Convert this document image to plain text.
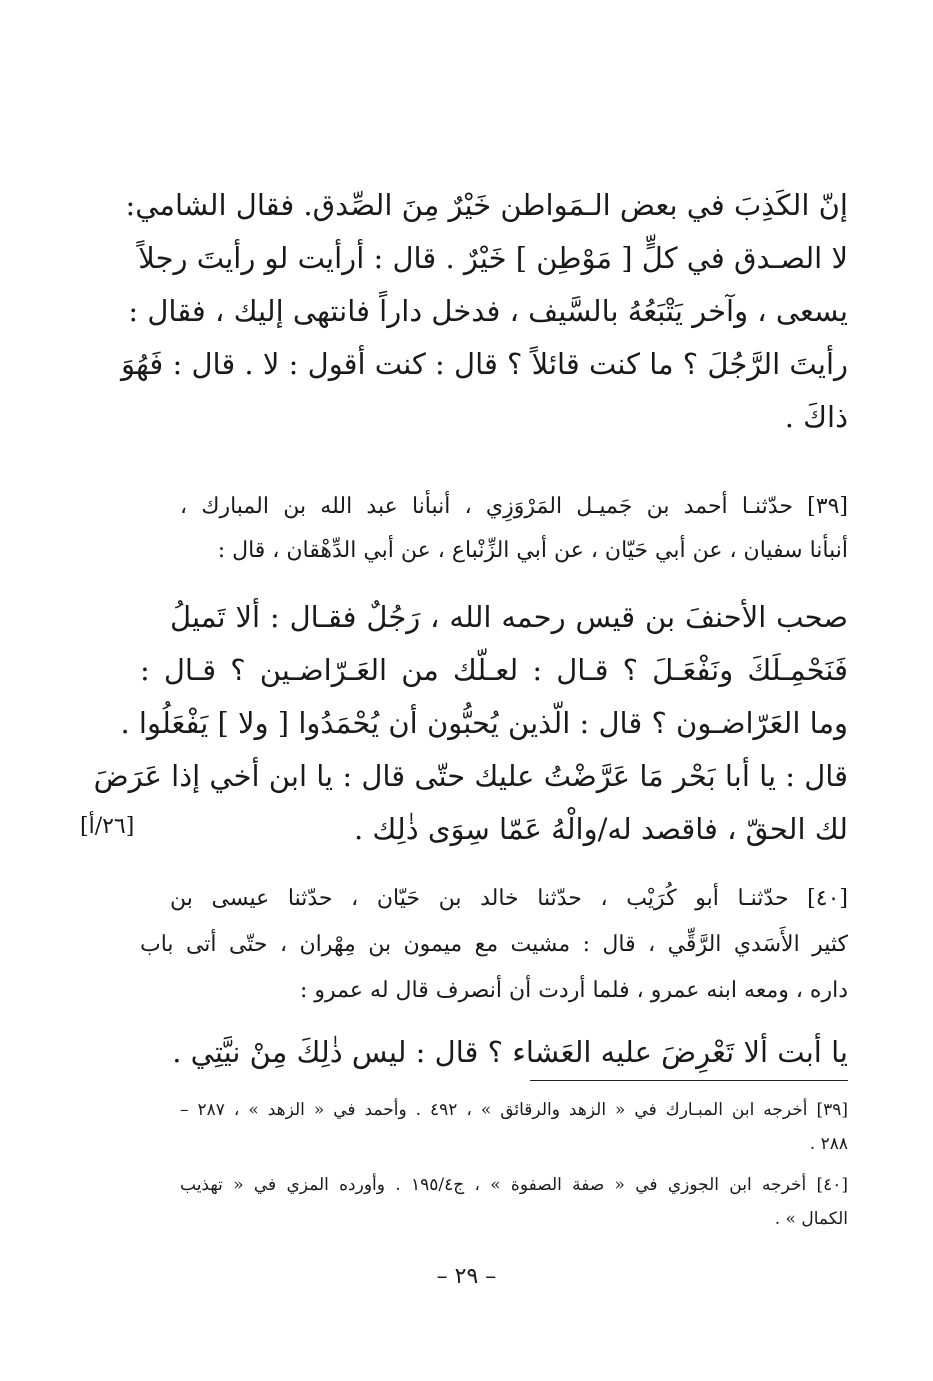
إنّ الكَذِبَ في بعض الـمَواطن خَيْرٌ مِنَ الصِّدق. فقال الشامي:
لا الصـدق في كلٍّ [ مَوْطِن ] خَيْرٌ . قال : أرأيت لو رأيتَ رجلاً
يسعى ، وآخر يَتْبَعُهُ بالسَّيف ، فدخل داراً فانتهى إليك ، فقال :
رأيتَ الرَّجُلَ ؟ ما كنت قائلاً ؟ قال : كنت أقول : لا . قال : فَهُوَ
ذاكَ .
[٣٩] حدّثنـا أحمد بن جَميـل المَرْوَزِي ، أنبأنا عبد الله بن المبارك ،
أنبأنا سفيان ، عن أبي حَيّان ، عن أبي الزِّنْباع ، عن أبي الدِّهْقان ، قال :
صحب الأحنفَ بن قيس رحمه الله ، رَجُلٌ فقـال : ألا تَميلُ
فَنَحْمِـلَكَ ونَفْعَـلَ ؟ قـال : لعـلّك من العَـرّاضـين ؟ قـال :
وما العَرّاضـون ؟ قال : الّذين يُحبُّون أن يُحْمَدُوا [ ولا ] يَفْعَلُوا .
قال : يا أبا بَحْر مَا عَرَّضْتُ عليك حتّى قال : يا ابن أخي إذا عَرَضَ
لك الحقّ ، فاقصد له/والْهُ عَمّا سِوَى ذٰلِك .
[٢٦/أ]
[٤٠] حدّثنـا أبو كُرَيْب ، حدّثنا خالد بن حَيّان ، حدّثنا عيسى بن
كثير الأَسَدي الرَّقِّي ، قال : مشيت مع ميمون بن مِهْران ، حتّى أتى باب
داره ، ومعه ابنه عمرو ، فلما أردت أن أنصرف قال له عمرو :
يا أبت ألا تَعْرِضَ عليه العَشاء ؟ قال : ليس ذٰلِكَ مِنْ نيَّتِي .
[٣٩] أخرجه ابن المبـارك في « الزهد والرقائق » ، ٤٩٢ . وأحمد في « الزهد » ، ٢٨٧ –
٢٨٨ .
[٤٠] أخرجه ابن الجوزي في « صفة الصفوة » ، ج١٩٥/٤ . وأورده المزي في « تهذيب
الكمال » .
– ٢٩ –
